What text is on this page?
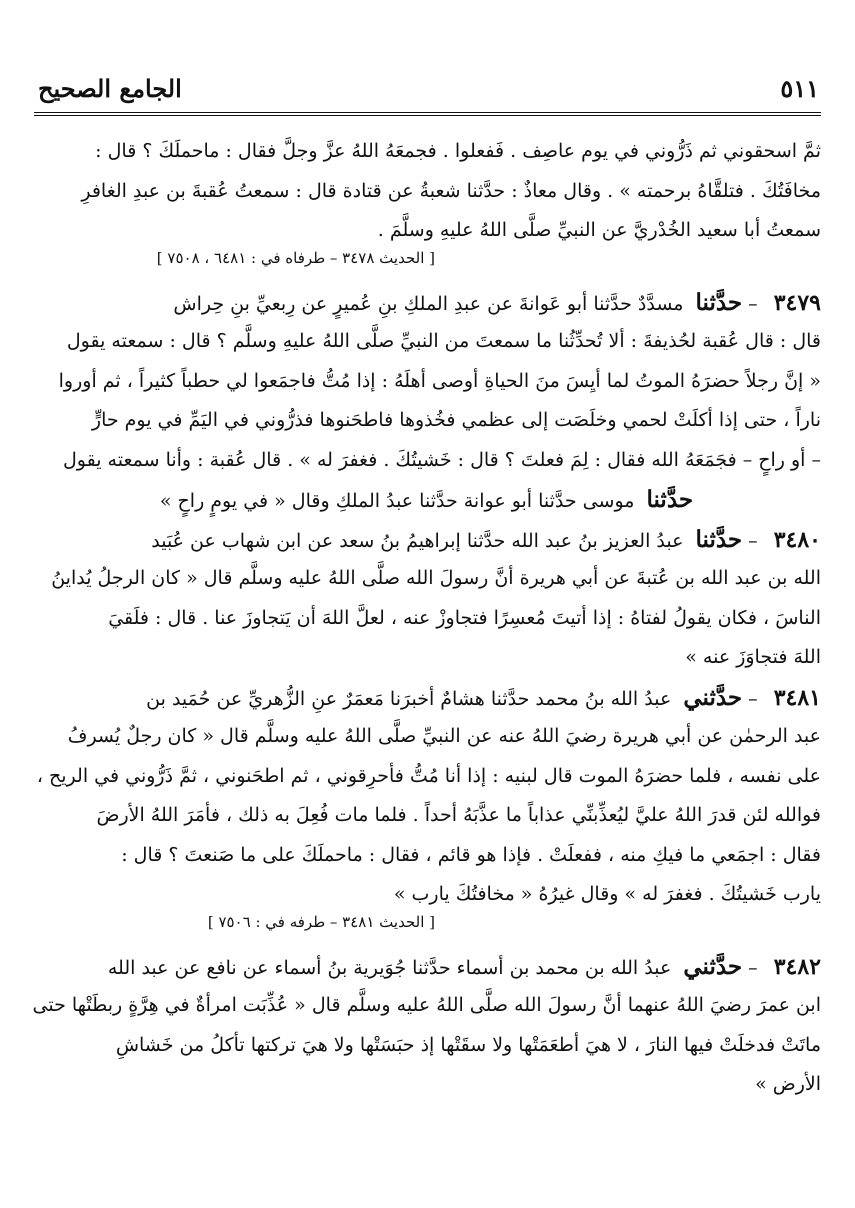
٥١١
الجامع الصحيح
ثمَّ اسحقوني ثم ذَرُّوني في يوم عاصِف . فَفعلوا . فجمعَهُ اللهُ عزَّ وجلَّ فقال : ماحملَكَ ؟ قال :
مخافَتُكَ . فتلقَّاهُ برحمته » . وقال معاذٌ : حدَّثنا شعبةُ عن قتادة قال : سمعتُ عُقبةَ بن عبدِ الغافرِ
سمعتُ أبا سعيد الخُدْريَّ عن النبيِّ صلَّى اللهُ عليهِ وسلَّمَ .
[ الحديث ٣٤٧٨ – طرفاه في : ٦٤٨١ ، ٧٥٠٨ ]
٣٤٧٩ – حدَّثنا مسدَّدٌ حدَّثنا أبو عَوانةَ عن عبدِ الملكِ بنِ عُميرٍ عن رِبعيِّ بنِ حِراش
قال : قال عُقبة لحُذيفةَ : ألا تُحدِّثُنا ما سمعتَ من النبيِّ صلَّى اللهُ عليهِ وسلَّم ؟ قال : سمعته يقول
« إنَّ رجلاً حضرَهُ الموتُ لما أيِسَ منَ الحياةِ أوصى أهلَهُ : إذا مُتُّ فاجمَعوا لي حطباً كثيراً ، ثم أوروا
ناراً ، حتى إذا أكلَتْ لحمي وخلَصَت إلى عظمي فخُذوها فاطحَنوها فذرُّوني في اليَمِّ في يوم حارٍّ
– أو راحٍ – فجَمَعَهُ الله فقال : لِمَ فعلتَ ؟ قال : خَشيتُكَ . فغفرَ له » . قال عُقبة : وأنا سمعته يقول
حدَّثنا موسى حدَّثنا أبو عوانة حدَّثنا عبدُ الملكِ وقال « في يومٍ راحٍ »
٣٤٨٠ – حدَّثنا عبدُ العزيز بنُ عبد الله حدَّثنا إبراهيمُ بنُ سعد عن ابن شهاب عن عُبَيد
الله بن عبد الله بن عُتبةَ عن أبي هريرة أنَّ رسولَ الله صلَّى اللهُ عليه وسلَّم قال « كان الرجلُ يُداينُ
الناسَ ، فكان يقولُ لفتاهُ : إذا أتيتَ مُعسِرًا فتجاوزْ عنه ، لعلَّ اللهَ أن يَتجاوزَ عنا . قال : فلَقيَ
اللهَ فتجاوَزَ عنه »
٣٤٨١ – حدَّثني عبدُ الله بنُ محمد حدَّثنا هشامٌ أخبرَنا مَعمَرٌ عنِ الزُّهريِّ عن حُمَيد بن
عبد الرحمٰن عن أبي هريرة رضيَ اللهُ عنه عن النبيِّ صلَّى اللهُ عليه وسلَّم قال « كان رجلٌ يُسرفُ
على نفسه ، فلما حضرَهُ الموت قال لبنيه : إذا أنا مُتُّ فأحرِقوني ، ثم اطحَنوني ، ثمَّ ذَرُّوني في الريح ،
فوالله لئن قدرَ اللهُ عليَّ ليُعذِّبنِّي عذاباً ما عذَّبَهُ أحداً . فلما مات فُعِلَ به ذلك ، فأمَرَ اللهُ الأرضَ
فقال : اجمَعي ما فيكِ منه ، ففعلَتْ . فإذا هو قائم ، فقال : ماحملَكَ على ما صَنعتَ ؟ قال :
يارب خَشيتُكَ . فغفرَ له » وقال غيرُهُ « مخافتُكَ يارب »
[ الحديث ٣٤٨١ – طرفه في : ٧٥٠٦ ]
٣٤٨٢ – حدَّثني عبدُ الله بن محمد بن أسماء حدَّثنا جُوَيرية بنُ أسماء عن نافع عن عبد الله
ابن عمرَ رضيَ اللهُ عنهما أنَّ رسولَ الله صلَّى اللهُ عليه وسلَّم قال « عُذِّبَت امرأةٌ في هِرَّةٍ ربطَتْها حتى
ماتَتْ فدخلَتْ فيها النارَ ، لا هيَ أطعَمَتْها ولا سقَتْها إذ حبَسَتْها ولا هيَ تركتها تأكلُ من خَشاشِ
الأرض »
